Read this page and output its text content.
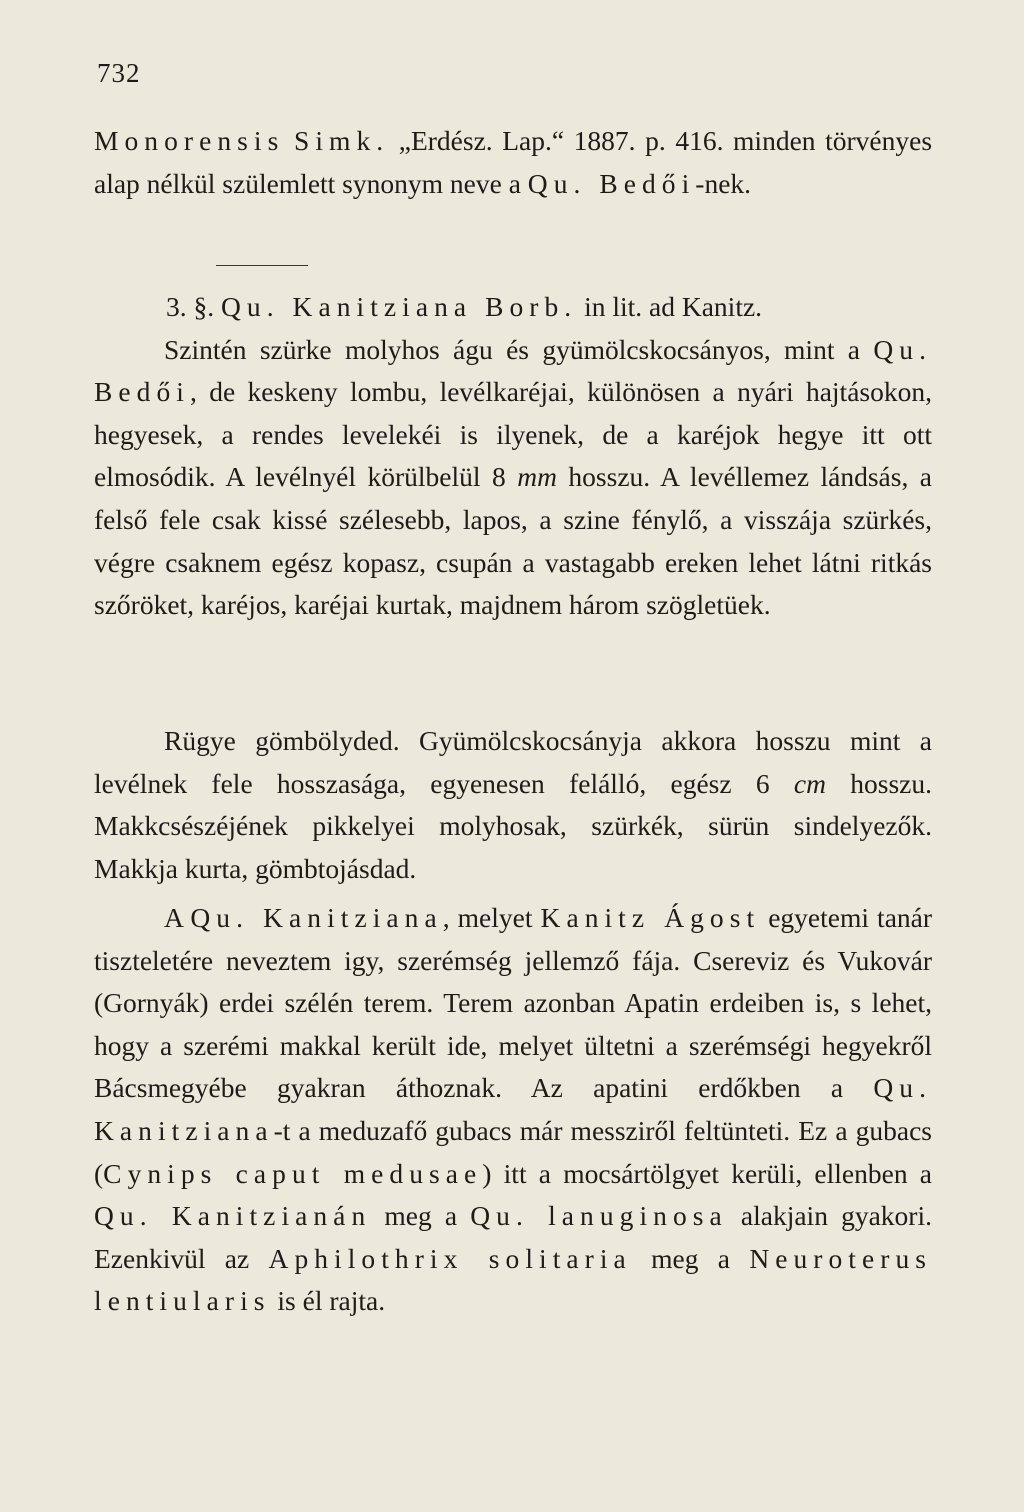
732

Monorensis Simk. „Erdész. Lap.“ 1887. p. 416. minden törvényes alap nélkül szülemlett synonym neve a Qu. Bedői-nek.

3. §. Qu. Kanitziana Borb. in lit. ad Kanitz.

Szintén szürke molyhos águ és gyümölcskocsányos, mint a Qu. Bedői, de keskeny lombu, levélkaréjai, különösen a nyári hajtásokon, hegyesek, a rendes levelekéi is ilyenek, de a karéjok hegye itt ott elmosódik. A levélnyél körülbelül 8 mm hosszu. A levéllemez lándsás, a felső fele csak kissé szélesebb, lapos, a szine fénylő, a visszája szürkés, végre csaknem egész kopasz, csupán a vastagabb ereken lehet látni ritkás szőröket, karéjos, karéjai kurtak, majdnem három szögletüek.

Rügye gömbölyded. Gyümölcskocsányja akkora hosszu mint a levélnek fele hosszasága, egyenesen felálló, egész 6 cm hosszu. Makkcsészéjének pikkelyei molyhosak, szürkék, sürün sindelyezők. Makkja kurta, gömbtojásdad.

A Qu. Kanitziana, melyet Kanitz Ágost egyetemi tanár tiszteletére neveztem igy, szerémség jellemző fája. Csereviz és Vukovár (Gornyák) erdei szélén terem. Terem azonban Apatin erdeiben is, s lehet, hogy a szerémi makkal került ide, melyet ültetni a szerémségi hegyekről Bácsmegyébe gyakran áthoznak. Az apatini erdőkben a Qu. Kanitziana-t a meduzafő gubacs már messziről feltünteti. Ez a gubacs (Cynips caput medusae) itt a mocsártölgyet kerüli, ellenben a Qu. Kanitzianán meg a Qu. lanuginosa alakjain gyakori. Ezenkivül az Aphilothrix solitaria meg a Neuroterus lentiularis is él rajta.
